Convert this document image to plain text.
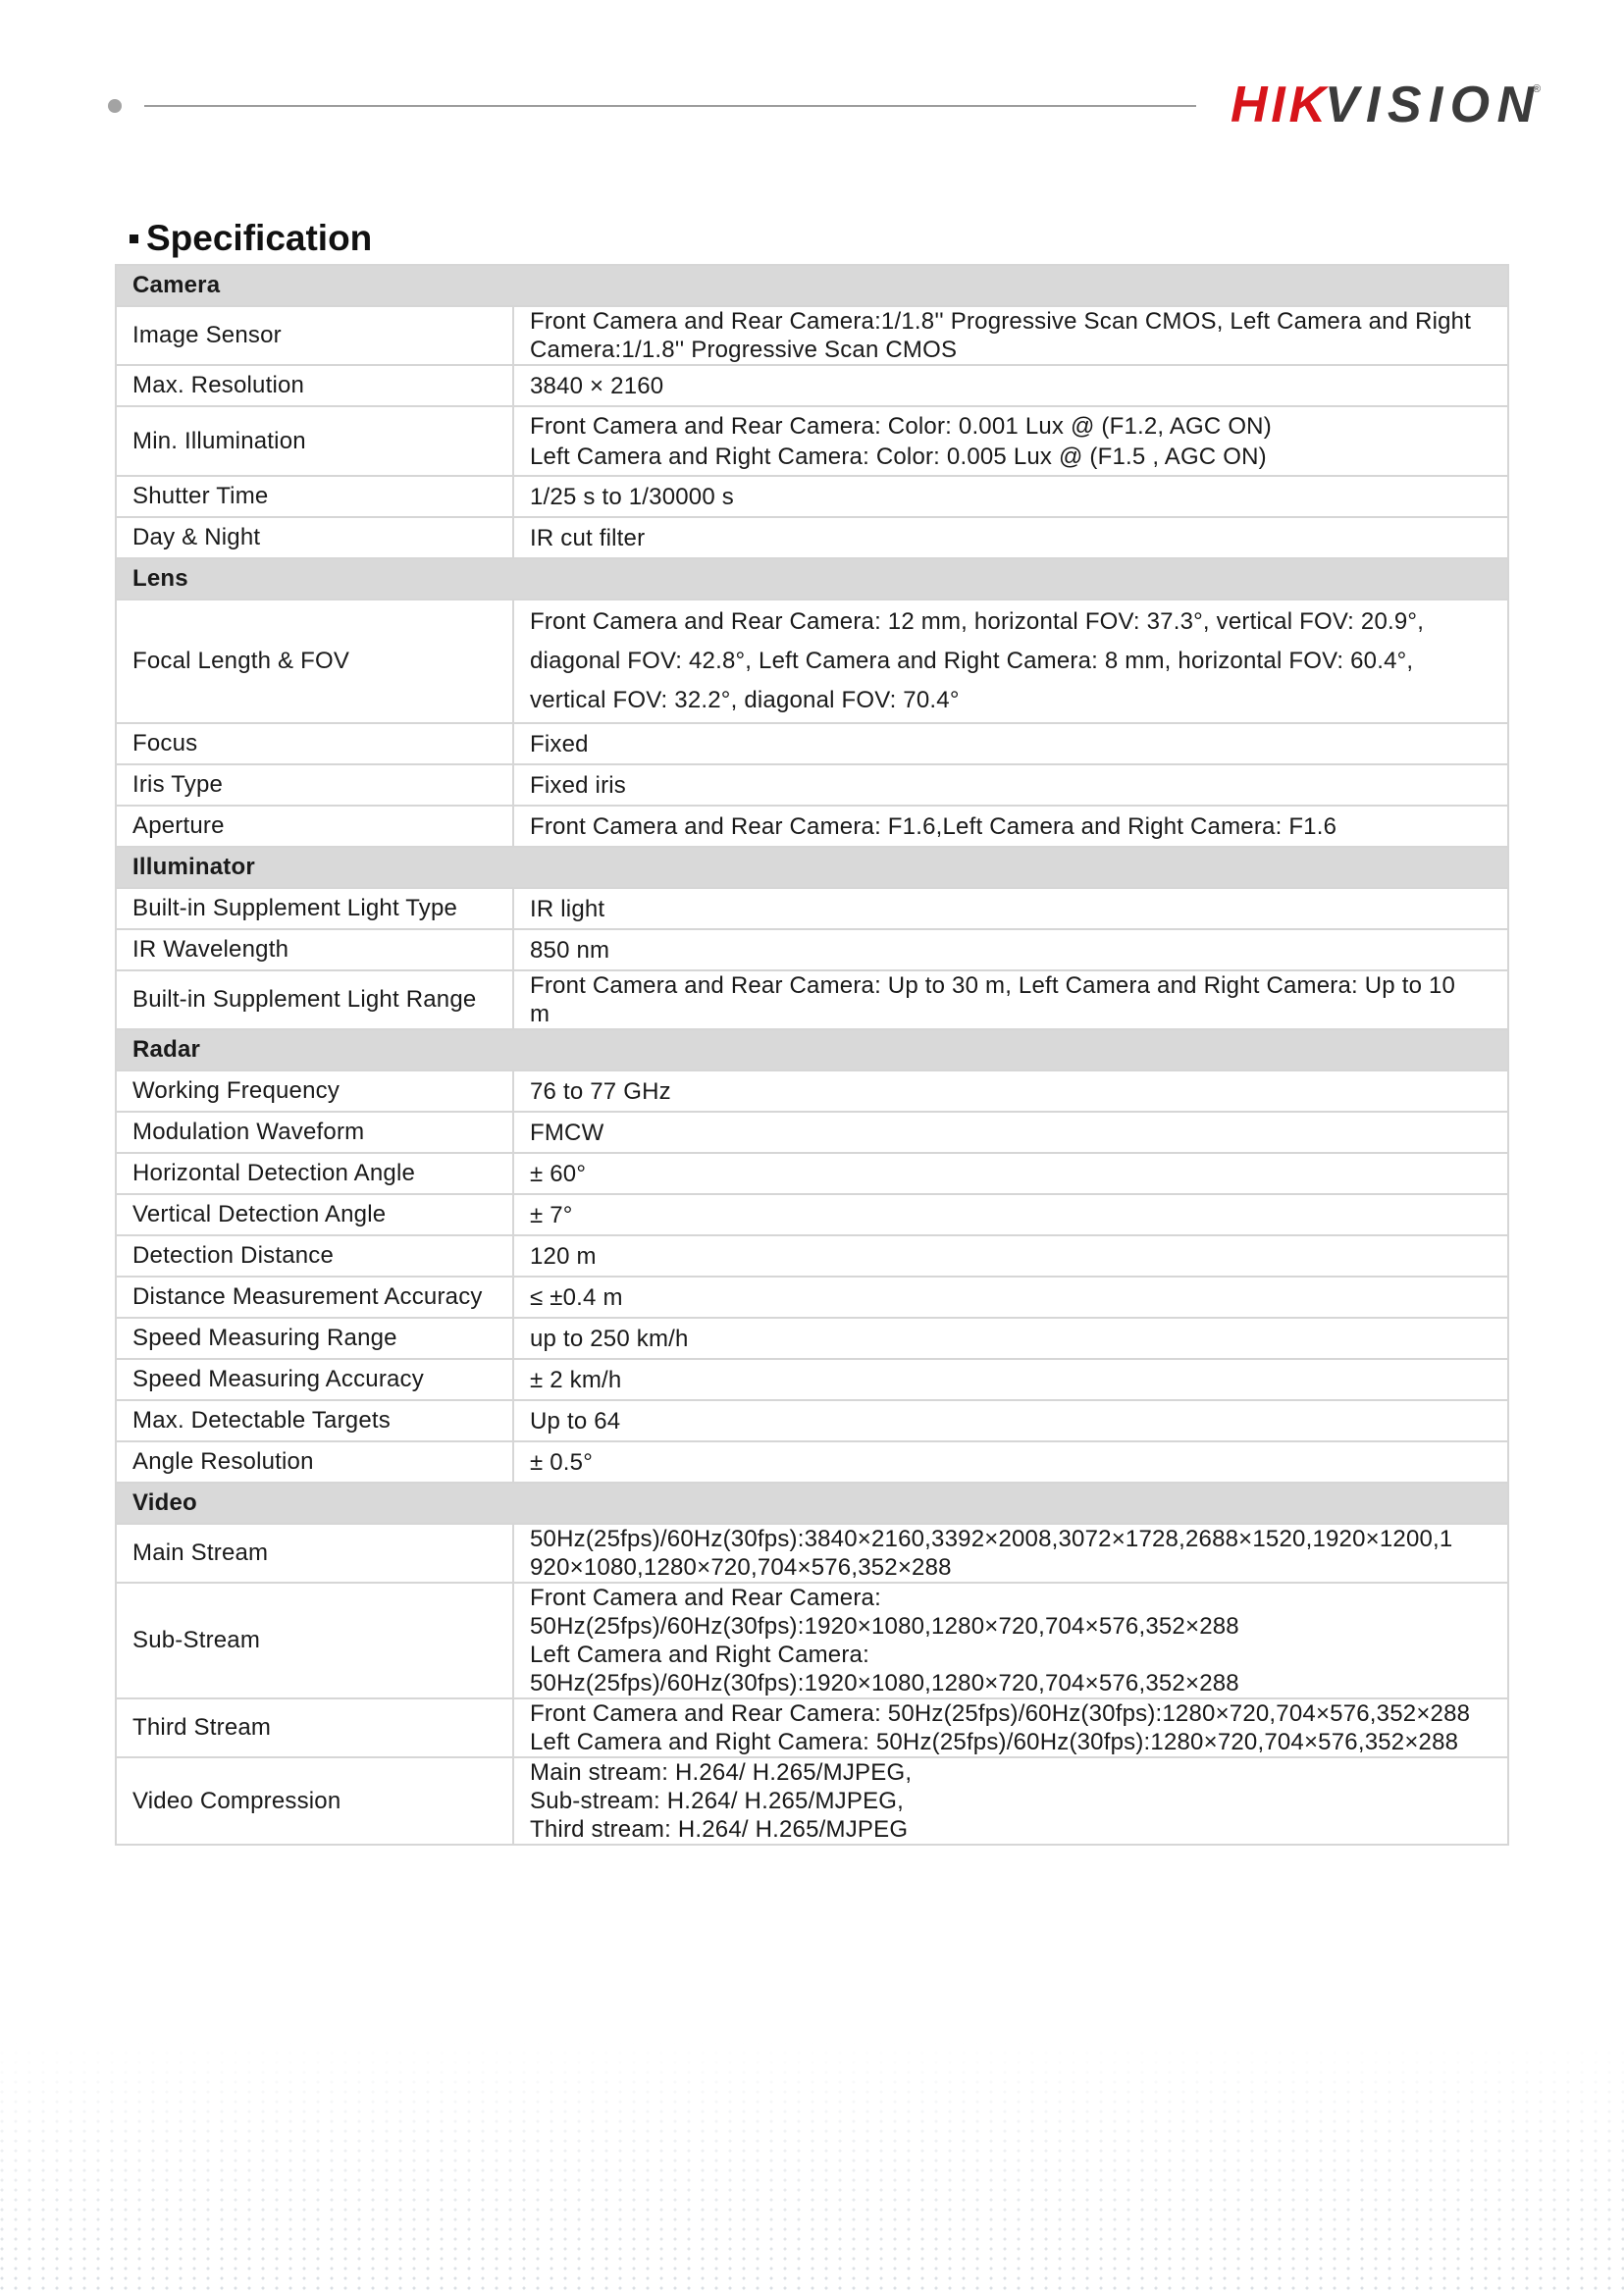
HIK VISION ®
Specification
Camera	
Image Sensor	Front Camera and Rear Camera:1/1.8'' Progressive Scan CMOS, Left Camera and Right
Camera:1/1.8'' Progressive Scan CMOS

Max. Resolution	3840 × 2160

Min. Illumination	Front Camera and Rear Camera: Color: 0.001 Lux @ (F1.2, AGC ON)
Left Camera and Right Camera: Color: 0.005 Lux @ (F1.5 , AGC ON)

Shutter Time	1/25 s to 1/30000 s

Day & Night	IR cut filter

Lens	
Focal Length & FOV	Front Camera and Rear Camera: 12 mm, horizontal FOV: 37.3°, vertical FOV: 20.9°,
diagonal FOV: 42.8°, Left Camera and Right Camera: 8 mm, horizontal FOV: 60.4°,
vertical FOV: 32.2°, diagonal FOV: 70.4°

Focus	Fixed

Iris Type	Fixed iris

Aperture	Front Camera and Rear Camera: F1.6,Left Camera and Right Camera: F1.6

Illuminator	
Built-in Supplement Light Type	IR light

IR Wavelength	850 nm

Built-in Supplement Light Range	Front Camera and Rear Camera: Up to 30 m, Left Camera and Right Camera: Up to 10
m

Radar	
Working Frequency	76 to 77 GHz

Modulation Waveform	FMCW

Horizontal Detection Angle	± 60°

Vertical Detection Angle	± 7°

Detection Distance	120 m

Distance Measurement Accuracy	≤ ±0.4 m

Speed Measuring Range	up to 250 km/h

Speed Measuring Accuracy	± 2 km/h

Max. Detectable Targets	Up to 64

Angle Resolution	± 0.5°

Video	
Main Stream	50Hz(25fps)/60Hz(30fps):3840×2160,3392×2008,3072×1728,2688×1520,1920×1200,1
920×1080,1280×720,704×576,352×288

Sub-Stream	Front Camera and Rear Camera:
50Hz(25fps)/60Hz(30fps):1920×1080,1280×720,704×576,352×288
Left Camera and Right Camera:
50Hz(25fps)/60Hz(30fps):1920×1080,1280×720,704×576,352×288

Third Stream	Front Camera and Rear Camera: 50Hz(25fps)/60Hz(30fps):1280×720,704×576,352×288
Left Camera and Right Camera: 50Hz(25fps)/60Hz(30fps):1280×720,704×576,352×288

Video Compression	Main stream: H.264/ H.265/MJPEG,
Sub-stream: H.264/ H.265/MJPEG,
Third stream: H.264/ H.265/MJPEG
